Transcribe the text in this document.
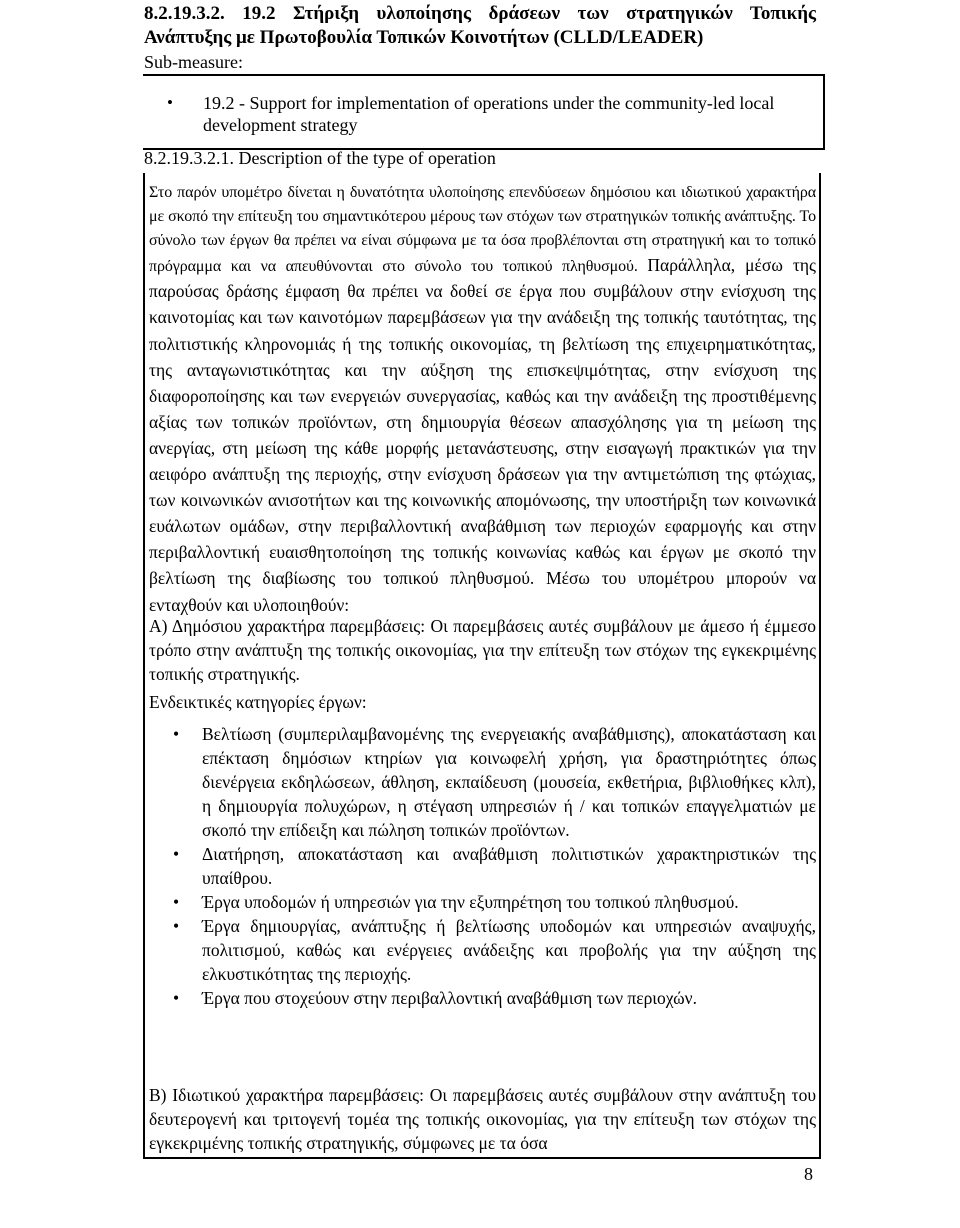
8.2.19.3.2. 19.2 Στήριξη υλοποίησης δράσεων των στρατηγικών Τοπικής Ανάπτυξης με Πρωτοβουλία Τοπικών Κοινοτήτων (CLLD/LEADER)
Sub-measure:
• 19.2 - Support for implementation of operations under the community-led local development strategy
8.2.19.3.2.1. Description of the type of operation
Στο παρόν υπομέτρο δίνεται η δυνατότητα υλοποίησης επενδύσεων δημόσιου και ιδιωτικού χαρακτήρα με σκοπό την επίτευξη του σημαντικότερου μέρους των στόχων των στρατηγικών τοπικής ανάπτυξης. Το σύνολο των έργων θα πρέπει να είναι σύμφωνα με τα όσα προβλέπονται στη στρατηγική και το τοπικό πρόγραμμα και να απευθύνονται στο σύνολο του τοπικού πληθυσμού. Παράλληλα, μέσω της παρούσας δράσης έμφαση θα πρέπει να δοθεί σε έργα που συμβάλουν στην ενίσχυση της καινοτομίας και των καινοτόμων παρεμβάσεων για την ανάδειξη της τοπικής ταυτότητας, της πολιτιστικής κληρονομιάς ή της τοπικής οικονομίας, τη βελτίωση της επιχειρηματικότητας, της ανταγωνιστικότητας και την αύξηση της επισκεψιμότητας, στην ενίσχυση της διαφοροποίησης και των ενεργειών συνεργασίας, καθώς και την ανάδειξη της προστιθέμενης αξίας των τοπικών προϊόντων, στη δημιουργία θέσεων απασχόλησης για τη μείωση της ανεργίας, στη μείωση της κάθε μορφής μετανάστευσης, στην εισαγωγή πρακτικών για την αειφόρο ανάπτυξη της περιοχής, στην ενίσχυση δράσεων για την αντιμετώπιση της φτώχιας, των κοινωνικών ανισοτήτων και της κοινωνικής απομόνωσης, την υποστήριξη των κοινωνικά ευάλωτων ομάδων, στην περιβαλλοντική αναβάθμιση των περιοχών εφαρμογής και στην περιβαλλοντική ευαισθητοποίηση της τοπικής κοινωνίας καθώς και έργων με σκοπό την βελτίωση της διαβίωσης του τοπικού πληθυσμού. Μέσω του υπομέτρου μπορούν να ενταχθούν και υλοποιηθούν:
Α) Δημόσιου χαρακτήρα παρεμβάσεις: Οι παρεμβάσεις αυτές συμβάλουν με άμεσο ή έμμεσο τρόπο στην ανάπτυξη της τοπικής οικονομίας, για την επίτευξη των στόχων της εγκεκριμένης τοπικής στρατηγικής.
Ενδεικτικές κατηγορίες έργων:
• Βελτίωση (συμπεριλαμβανομένης της ενεργειακής αναβάθμισης), αποκατάσταση και επέκταση δημόσιων κτηρίων για κοινωφελή χρήση, για δραστηριότητες όπως διενέργεια εκδηλώσεων, άθληση, εκπαίδευση (μουσεία, εκθετήρια, βιβλιοθήκες κλπ), η δημιουργία πολυχώρων, η στέγαση υπηρεσιών ή / και τοπικών επαγγελματιών με σκοπό την επίδειξη και πώληση τοπικών προϊόντων.
• Διατήρηση, αποκατάσταση και αναβάθμιση πολιτιστικών χαρακτηριστικών της υπαίθρου.
• Έργα υποδομών ή υπηρεσιών για την εξυπηρέτηση του τοπικού πληθυσμού.
• Έργα δημιουργίας, ανάπτυξης ή βελτίωσης υποδομών και υπηρεσιών αναψυχής, πολιτισμού, καθώς και ενέργειες ανάδειξης και προβολής για την αύξηση της ελκυστικότητας της περιοχής.
• Έργα που στοχεύουν στην περιβαλλοντική αναβάθμιση των περιοχών.
Β) Ιδιωτικού χαρακτήρα παρεμβάσεις: Οι παρεμβάσεις αυτές συμβάλουν στην ανάπτυξη του δευτερογενή και τριτογενή τομέα της τοπικής οικονομίας, για την επίτευξη των στόχων της εγκεκριμένης τοπικής στρατηγικής, σύμφωνες με τα όσα
8
